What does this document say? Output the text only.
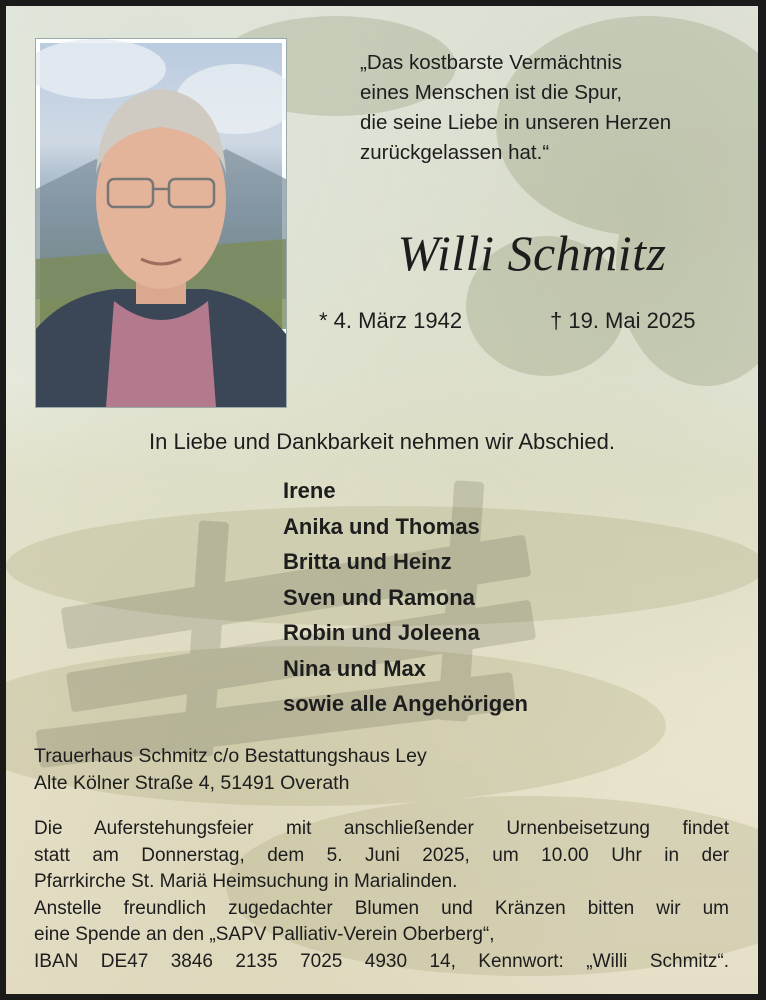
„Das kostbarste Vermächtnis
eines Menschen ist die Spur,
die seine Liebe in unseren Herzen
zurückgelassen hat.“
Willi Schmitz
* 4. März 1942	† 19. Mai 2025
In Liebe und Dankbarkeit nehmen wir Abschied.
Irene
Anika und Thomas
Britta und Heinz
Sven und Ramona
Robin und Joleena
Nina und Max
sowie alle Angehörigen
Trauerhaus Schmitz c/o Bestattungshaus Ley
Alte Kölner Straße 4, 51491 Overath
Die Auferstehungsfeier mit anschließender Urnenbeisetzung findet
statt am Donnerstag, dem 5. Juni 2025, um 10.00 Uhr in der
Pfarrkirche St. Mariä Heimsuchung in Marialinden.
Anstelle freundlich zugedachter Blumen und Kränzen bitten wir um
eine Spende an den „SAPV Palliativ-Verein Oberberg“,
IBAN DE47 3846 2135 7025 4930 14, Kennwort: „Willi Schmitz“.
